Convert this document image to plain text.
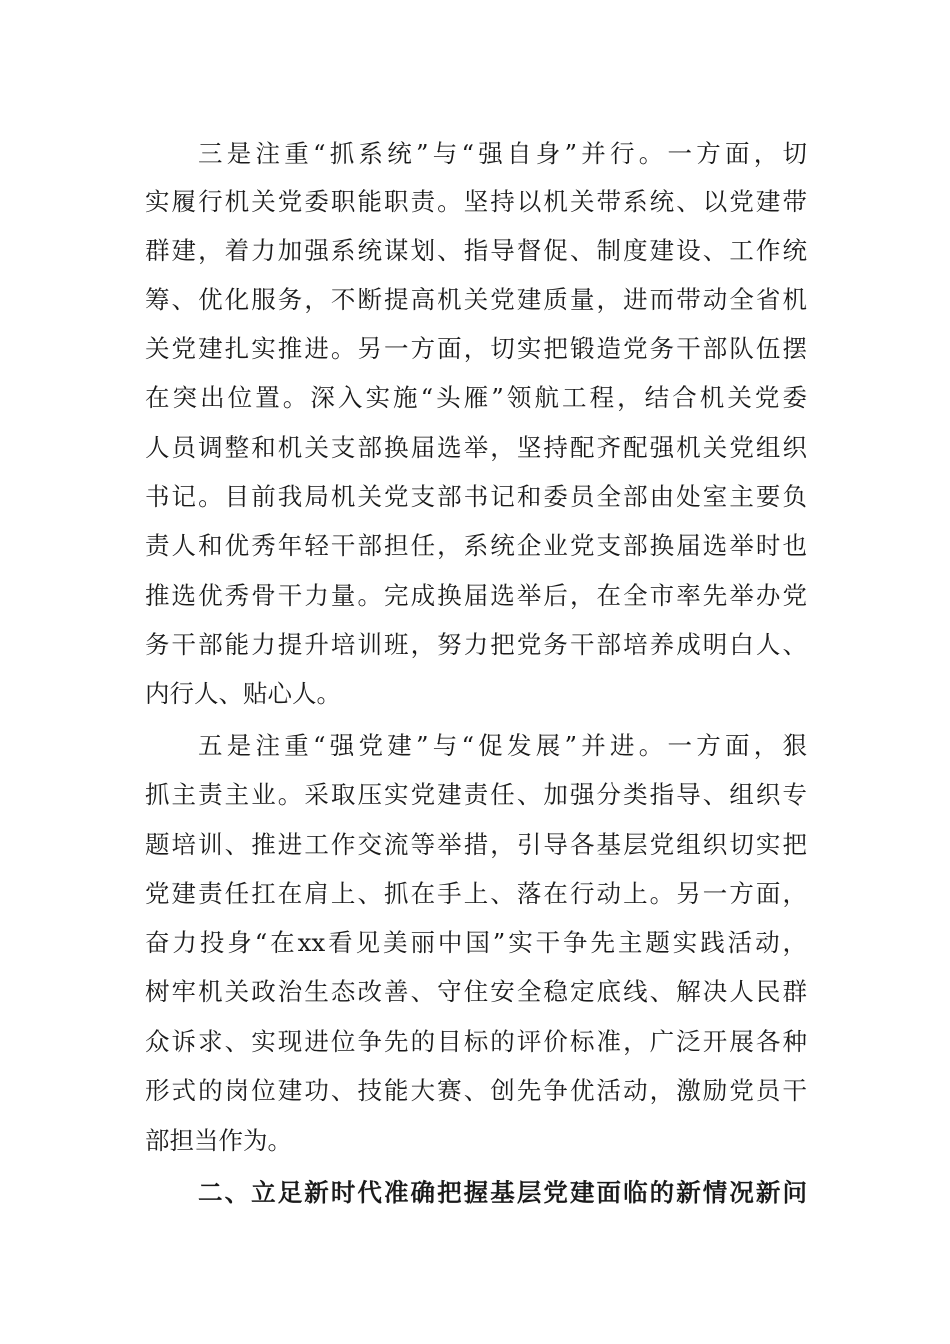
三是注重“抓系统”与“强自身”并行。一方面，切
实履行机关党委职能职责。坚持以机关带系统、以党建带
群建，着力加强系统谋划、指导督促、制度建设、工作统
筹、优化服务，不断提高机关党建质量，进而带动全省机
关党建扎实推进。另一方面，切实把锻造党务干部队伍摆
在突出位置。深入实施“头雁”领航工程，结合机关党委
人员调整和机关支部换届选举，坚持配齐配强机关党组织
书记。目前我局机关党支部书记和委员全部由处室主要负
责人和优秀年轻干部担任，系统企业党支部换届选举时也
推选优秀骨干力量。完成换届选举后，在全市率先举办党
务干部能力提升培训班，努力把党务干部培养成明白人、
内行人、贴心人。
五是注重“强党建”与“促发展”并进。一方面，狠
抓主责主业。采取压实党建责任、加强分类指导、组织专
题培训、推进工作交流等举措，引导各基层党组织切实把
党建责任扛在肩上、抓在手上、落在行动上。另一方面，
奋力投身“在xx看见美丽中国”实干争先主题实践活动，
树牢机关政治生态改善、守住安全稳定底线、解决人民群
众诉求、实现进位争先的目标的评价标准，广泛开展各种
形式的岗位建功、技能大赛、创先争优活动，激励党员干
部担当作为。
二、立足新时代准确把握基层党建面临的新情况新问
